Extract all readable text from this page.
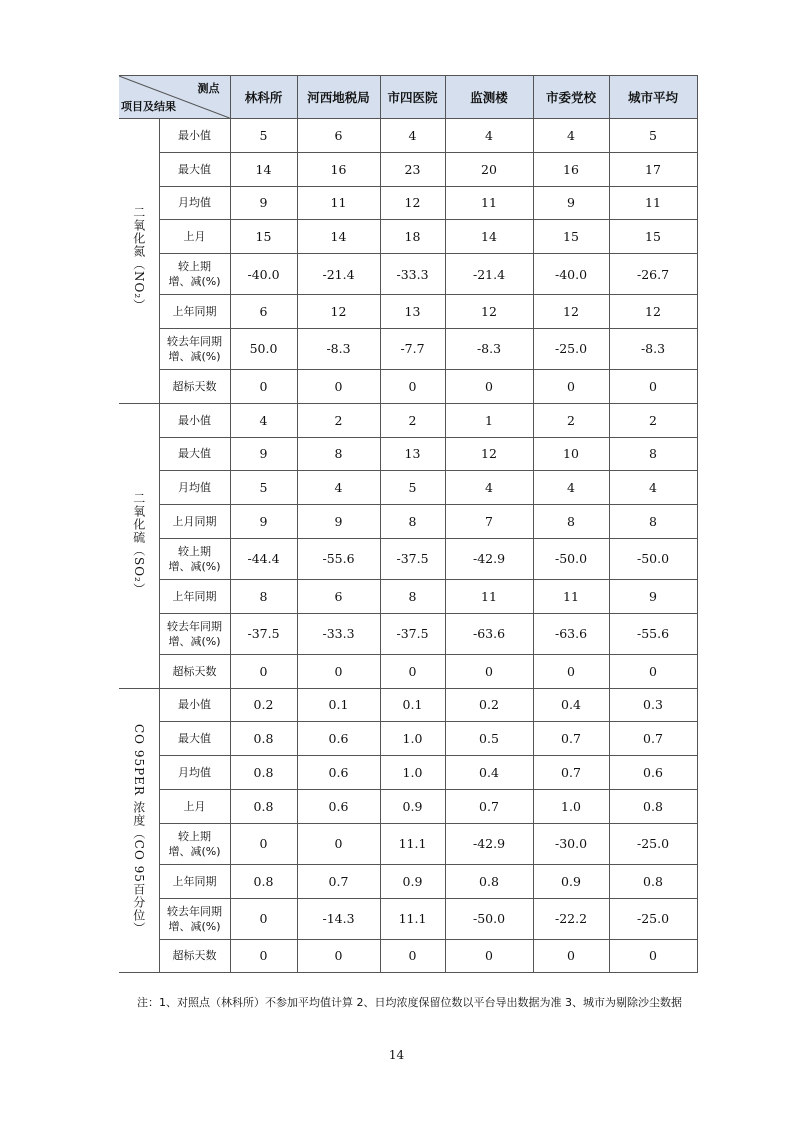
测点
项目及结果		林科所	河西地税局	市四医院	监测楼	市委党校	城市平均
二氧化氮（NO₂）	最小值	5	6	4	4	4	5
	最大值	14	16	23	20	16	17
	月均值	9	11	12	11	9	11
	上月	15	14	18	14	15	15
	较上期
增、减(%)	-40.0	-21.4	-33.3	-21.4	-40.0	-26.7
	上年同期	6	12	13	12	12	12
	较去年同期
增、减(%)	50.0	-8.3	-7.7	-8.3	-25.0	-8.3
	超标天数	0	0	0	0	0	0
二氧化硫（SO₂）	最小值	4	2	2	1	2	2
	最大值	9	8	13	12	10	8
	月均值	5	4	5	4	4	4
	上月同期	9	9	8	7	8	8
	较上期
增、减(%)	-44.4	-55.6	-37.5	-42.9	-50.0	-50.0
	上年同期	8	6	8	11	11	9
	较去年同期
增、减(%)	-37.5	-33.3	-37.5	-63.6	-63.6	-55.6
	超标天数	0	0	0	0	0	0
CO 95PER 浓度（CO 95百分位）	最小值	0.2	0.1	0.1	0.2	0.4	0.3
	最大值	0.8	0.6	1.0	0.5	0.7	0.7
	月均值	0.8	0.6	1.0	0.4	0.7	0.6
	上月	0.8	0.6	0.9	0.7	1.0	0.8
	较上期
增、减(%)	0	0	11.1	-42.9	-30.0	-25.0
	上年同期	0.8	0.7	0.9	0.8	0.9	0.8
	较去年同期
增、减(%)	0	-14.3	11.1	-50.0	-22.2	-25.0
	超标天数	0	0	0	0	0	0
注：1、对照点（林科所）不参加平均值计算 2、日均浓度保留位数以平台导出数据为准 3、城市为剔除沙尘数据
14
